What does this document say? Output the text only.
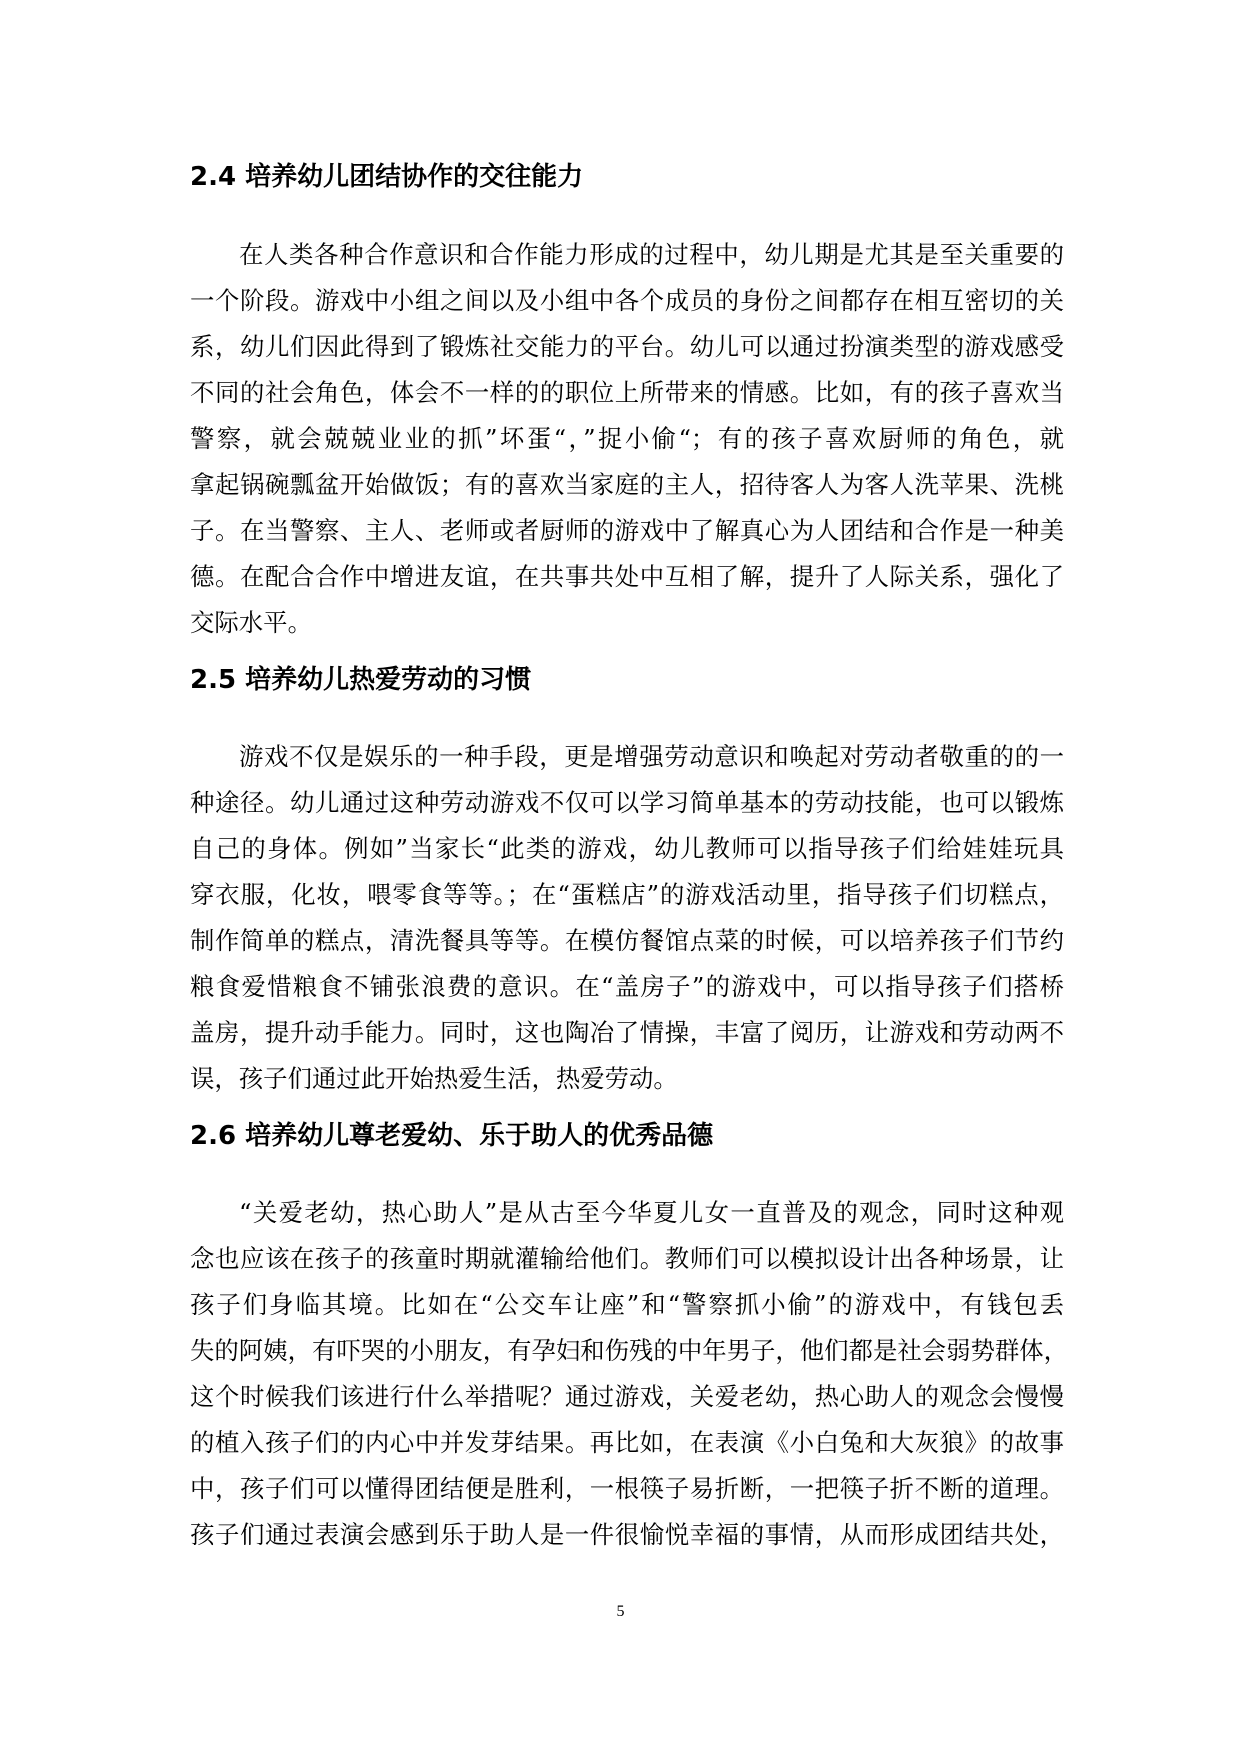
2.4 培养幼儿团结协作的交往能力
在人类各种合作意识和合作能力形成的过程中，幼儿期是尤其是至关重要的
一个阶段。游戏中小组之间以及小组中各个成员的身份之间都存在相互密切的关
系，幼儿们因此得到了锻炼社交能力的平台。幼儿可以通过扮演类型的游戏感受
不同的社会角色，体会不一样的的职位上所带来的情感。比如，有的孩子喜欢当
警察，就会兢兢业业的抓”坏蛋“，”捉小偷“；有的孩子喜欢厨师的角色，就
拿起锅碗瓢盆开始做饭；有的喜欢当家庭的主人，招待客人为客人洗苹果、洗桃
子。在当警察、主人、老师或者厨师的游戏中了解真心为人团结和合作是一种美
德。在配合合作中增进友谊，在共事共处中互相了解，提升了人际关系，强化了
交际水平。
2.5 培养幼儿热爱劳动的习惯
游戏不仅是娱乐的一种手段，更是增强劳动意识和唤起对劳动者敬重的的一
种途径。幼儿通过这种劳动游戏不仅可以学习简单基本的劳动技能，也可以锻炼
自己的身体。例如”当家长“此类的游戏，幼儿教师可以指导孩子们给娃娃玩具
穿衣服，化妆，喂零食等等。；在“蛋糕店”的游戏活动里，指导孩子们切糕点，
制作简单的糕点，清洗餐具等等。在模仿餐馆点菜的时候，可以培养孩子们节约
粮食爱惜粮食不铺张浪费的意识。在“盖房子”的游戏中，可以指导孩子们搭桥
盖房，提升动手能力。同时，这也陶冶了情操，丰富了阅历，让游戏和劳动两不
误，孩子们通过此开始热爱生活，热爱劳动。
2.6 培养幼儿尊老爱幼、乐于助人的优秀品德
“关爱老幼，热心助人”是从古至今华夏儿女一直普及的观念，同时这种观
念也应该在孩子的孩童时期就灌输给他们。教师们可以模拟设计出各种场景，让
孩子们身临其境。比如在“公交车让座”和“警察抓小偷”的游戏中，有钱包丢
失的阿姨，有吓哭的小朋友，有孕妇和伤残的中年男子，他们都是社会弱势群体，
这个时候我们该进行什么举措呢？通过游戏，关爱老幼，热心助人的观念会慢慢
的植入孩子们的内心中并发芽结果。再比如，在表演《小白兔和大灰狼》的故事
中，孩子们可以懂得团结便是胜利，一根筷子易折断，一把筷子折不断的道理。
孩子们通过表演会感到乐于助人是一件很愉悦幸福的事情，从而形成团结共处，
5
